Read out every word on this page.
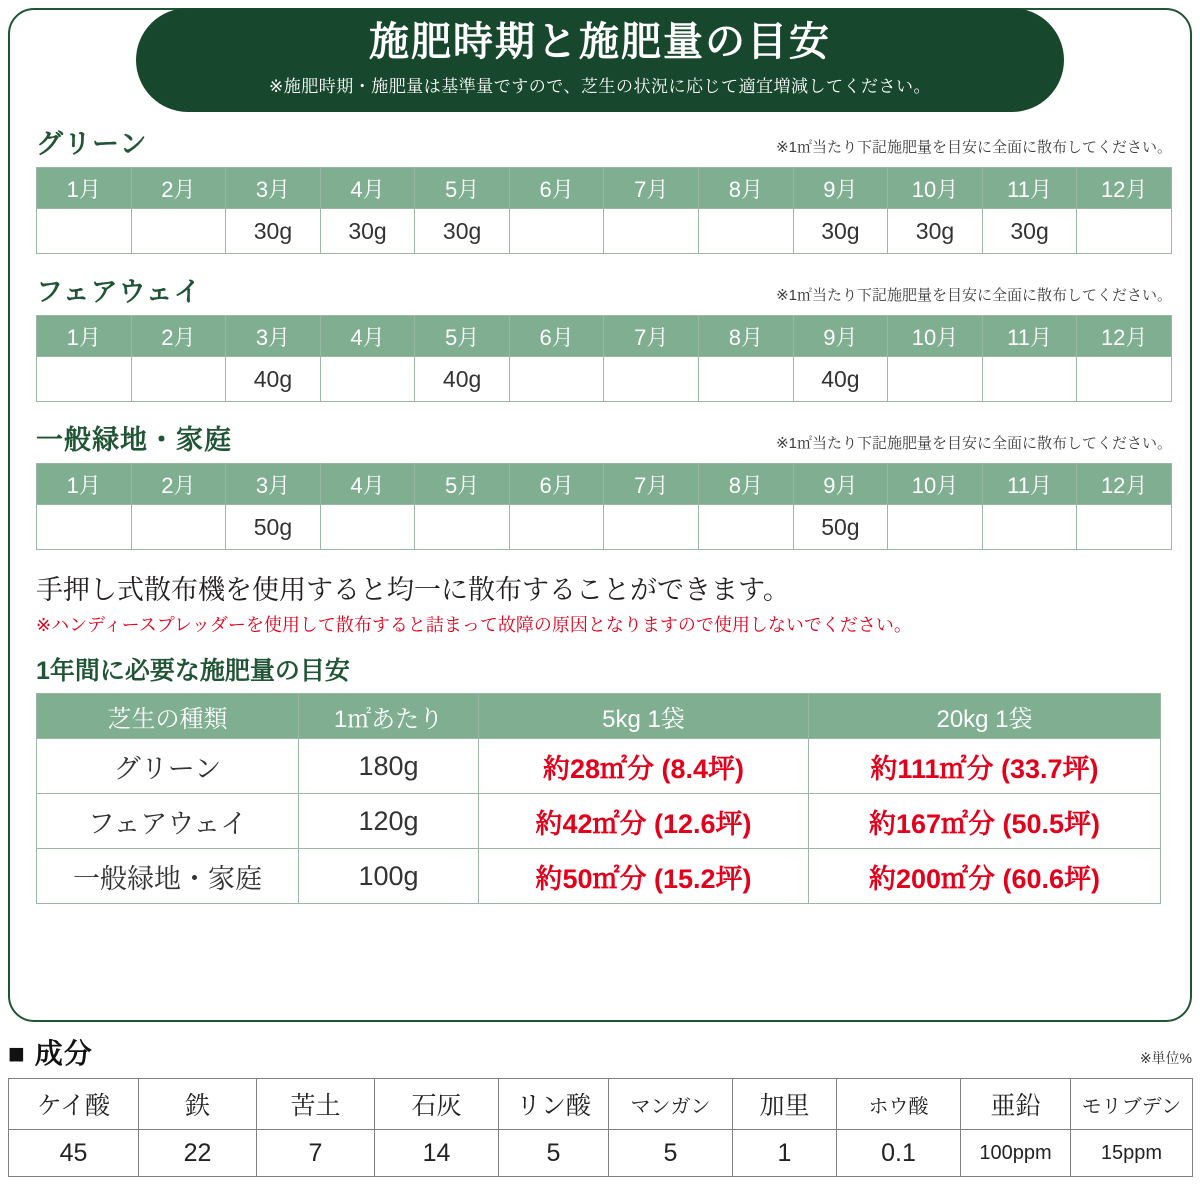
施肥時期と施肥量の目安
※施肥時期・施肥量は基準量ですので、芝生の状況に応じて適宜増減してください。
グリーン	※1㎡当たり下記施肥量を目安に全面に散布してください。
1月	2月	3月	4月	5月	6月	7月	8月	9月	10月	11月	12月
		30g	30g	30g				30g	30g	30g	
フェアウェイ	※1㎡当たり下記施肥量を目安に全面に散布してください。
1月	2月	3月	4月	5月	6月	7月	8月	9月	10月	11月	12月
		40g		40g				40g			
一般緑地・家庭	※1㎡当たり下記施肥量を目安に全面に散布してください。
1月	2月	3月	4月	5月	6月	7月	8月	9月	10月	11月	12月
		50g						50g			
手押し式散布機を使用すると均一に散布することができます。
※ハンディースプレッダーを使用して散布すると詰まって故障の原因となりますので使用しないでください。
1年間に必要な施肥量の目安
芝生の種類	1㎡あたり	5kg 1袋	20kg 1袋
グリーン	180g	約28㎡分 (8.4坪)	約111㎡分 (33.7坪)
フェアウェイ	120g	約42㎡分 (12.6坪)	約167㎡分 (50.5坪)
一般緑地・家庭	100g	約50㎡分 (15.2坪)	約200㎡分 (60.6坪)
■ 成分	※単位%
ケイ酸	鉄	苦土	石灰	リン酸	マンガン	加里	ホウ酸	亜鉛	モリブデン
45	22	7	14	5	5	1	0.1	100ppm	15ppm
